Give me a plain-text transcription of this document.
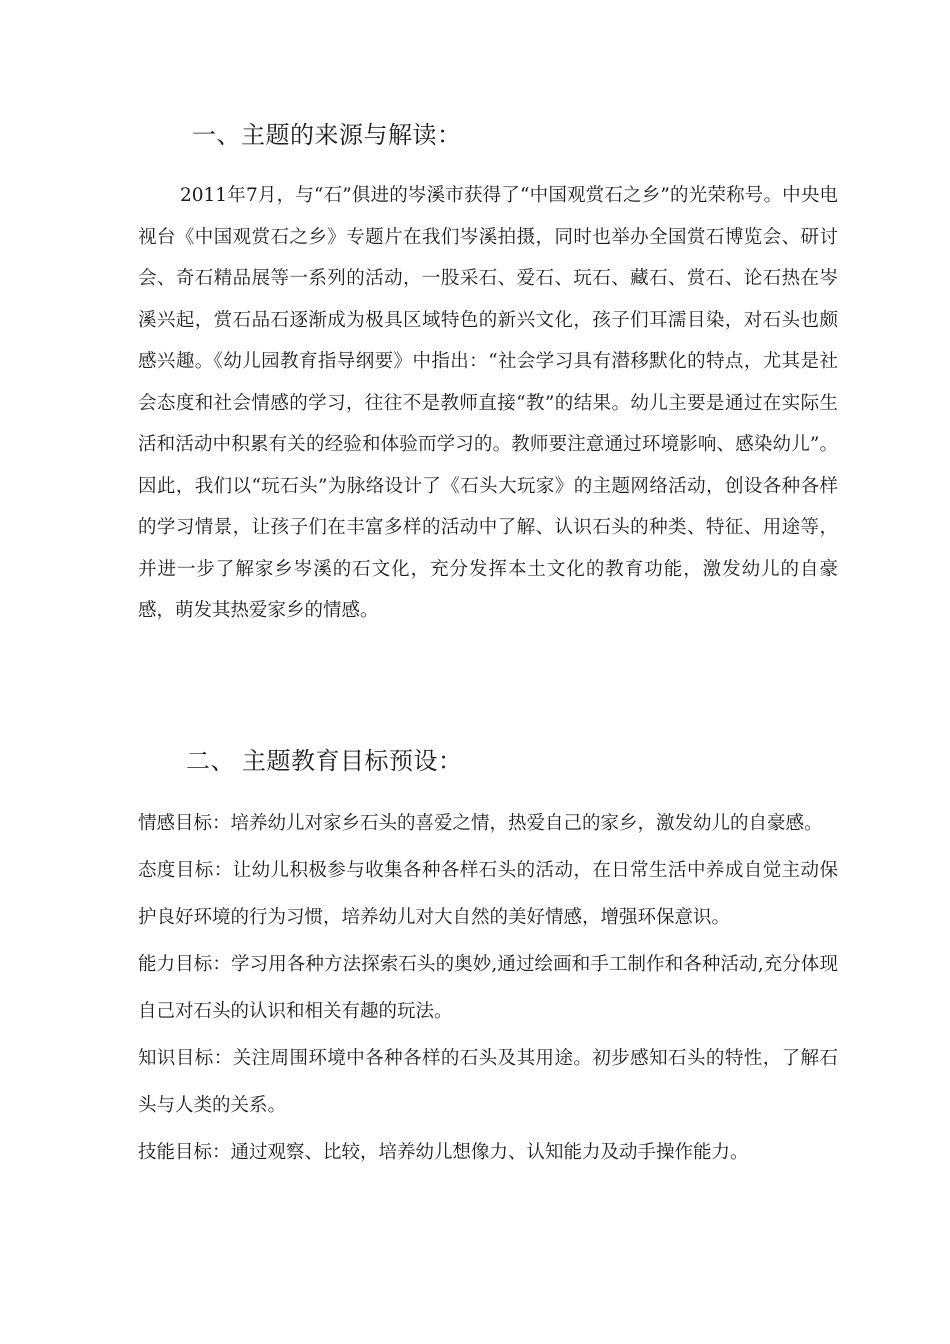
一、主题的来源与解读：
2011年7月，与“石”俱进的岑溪市获得了“中国观赏石之乡”的光荣称号。中央电视台《中国观赏石之乡》专题片在我们岑溪拍摄，同时也举办全国赏石博览会、研讨会、奇石精品展等一系列的活动，一股采石、爱石、玩石、藏石、赏石、论石热在岑溪兴起，赏石品石逐渐成为极具区域特色的新兴文化，孩子们耳濡目染，对石头也颇感兴趣。《幼儿园教育指导纲要》中指出：“社会学习具有潜移默化的特点，尤其是社会态度和社会情感的学习，往往不是教师直接“教”的结果。幼儿主要是通过在实际生活和活动中积累有关的经验和体验而学习的。教师要注意通过环境影响、感染幼儿”。因此，我们以“玩石头”为脉络设计了《石头大玩家》的主题网络活动，创设各种各样的学习情景，让孩子们在丰富多样的活动中了解、认识石头的种类、特征、用途等，并进一步了解家乡岑溪的石文化，充分发挥本土文化的教育功能，激发幼儿的自豪感，萌发其热爱家乡的情感。
二、 主题教育目标预设：
情感目标：培养幼儿对家乡石头的喜爱之情，热爱自己的家乡，激发幼儿的自豪感。
态度目标：让幼儿积极参与收集各种各样石头的活动，在日常生活中养成自觉主动保护良好环境的行为习惯，培养幼儿对大自然的美好情感，增强环保意识。
能力目标：学习用各种方法探索石头的奥妙,通过绘画和手工制作和各种活动,充分体现自己对石头的认识和相关有趣的玩法。
知识目标：关注周围环境中各种各样的石头及其用途。初步感知石头的特性，了解石头与人类的关系。
技能目标：通过观察、比较，培养幼儿想像力、认知能力及动手操作能力。
